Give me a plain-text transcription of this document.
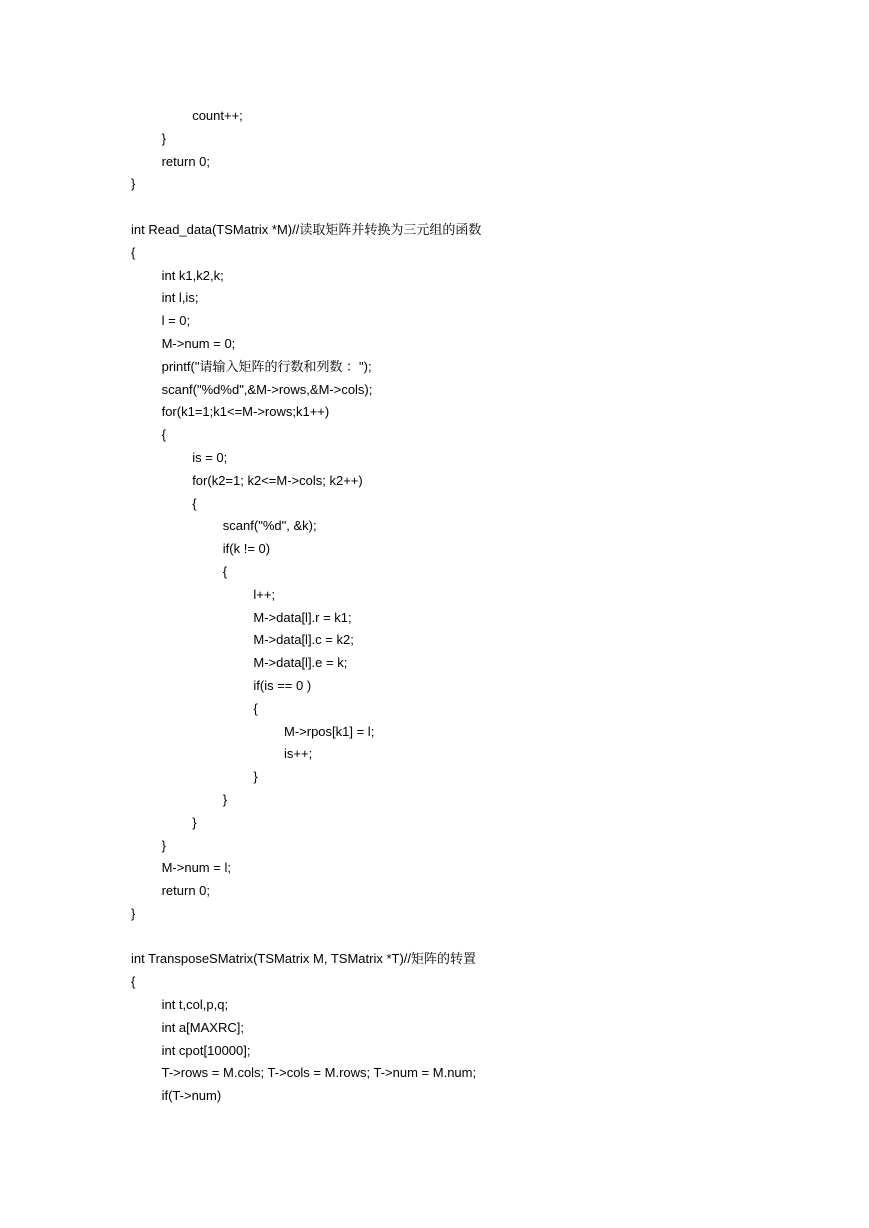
count++;
}
return 0;
}
int Read_data(TSMatrix *M)//读取矩阵并转换为三元组的函数
{
int k1,k2,k;
int l,is;
l = 0;
M->num = 0;
printf("请输入矩阵的行数和列数 ：");
scanf("%d%d",&M->rows,&M->cols);
for(k1=1;k1<=M->rows;k1++)
{
is = 0;
for(k2=1; k2<=M->cols; k2++)
{
scanf("%d", &k);
if(k != 0)
{
l++;
M->data[l].r = k1;
M->data[l].c = k2;
M->data[l].e = k;
if(is == 0 )
{
M->rpos[k1] = l;
is++;
}
}
}
}
M->num = l;
return 0;
}
int TransposeSMatrix(TSMatrix M, TSMatrix *T)//矩阵的转置
{
int t,col,p,q;
int a[MAXRC];
int cpot[10000];
T->rows = M.cols; T->cols = M.rows; T->num = M.num;
if(T->num)
